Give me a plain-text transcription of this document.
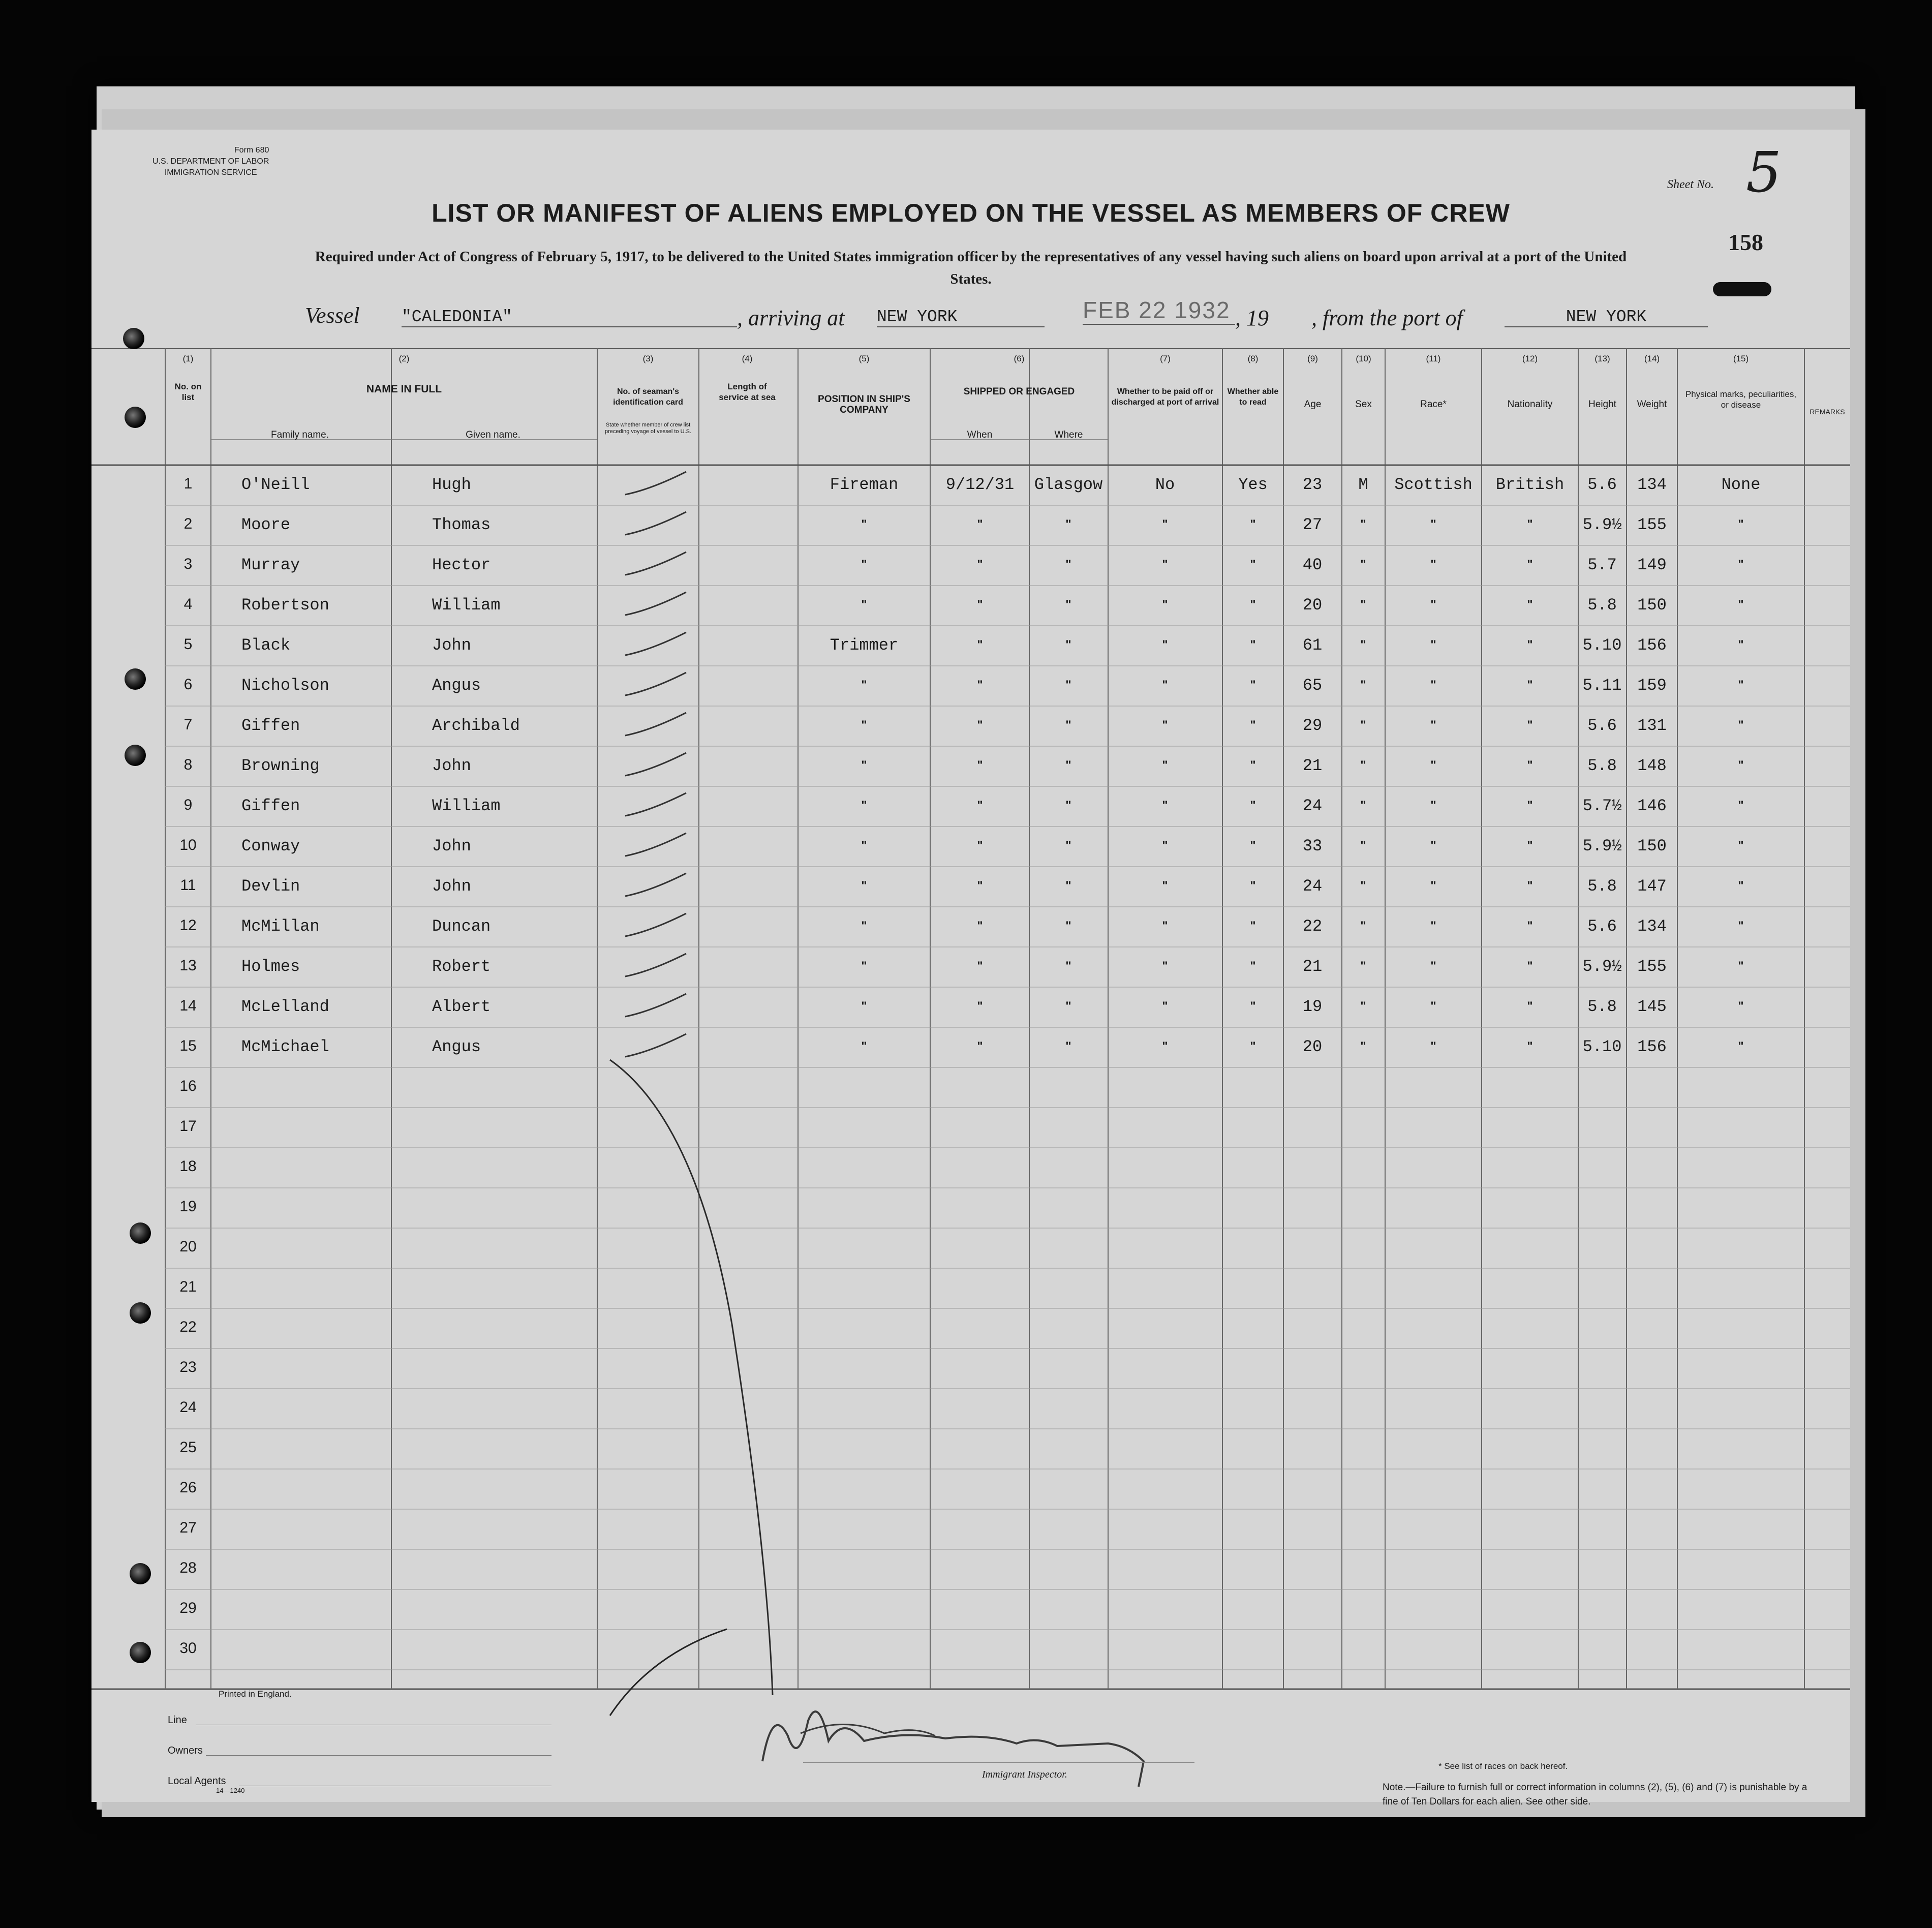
Form 680
U.S. DEPARTMENT OF LABOR
IMMIGRATION SERVICE
Sheet No. 5
158
LIST OR MANIFEST OF ALIENS EMPLOYED ON THE VESSEL AS MEMBERS OF CREW
Required under Act of Congress of February 5, 1917, to be delivered to the United States immigration officer by the representatives of any vessel having such aliens on board upon arrival at a port of the United States.
Vessel "CALEDONIA"	, arriving at NEW YORK	FEB 22 1932 , 19 , from the port of	NEW YORK
(1)
No. on list
(2)
NAME IN FULL
Family name.	Given name.
(3)
No. of seaman's identification card
State whether member of crew list preceding voyage of vessel to U.S.
(4)
Length of service at sea
(5)
POSITION IN SHIP'S COMPANY
(6)
SHIPPED OR ENGAGED
When	Where
(7)
Whether to be paid off or discharged at port of arrival
(8)
Whether able to read
(9)
Age
(10)
Sex
(11)
Race*
(12)
Nationality
(13)
Height
(14)
Weight
(15)
Physical marks, peculiarities, or disease
REMARKS
Printed in England.
Line
Owners
Local Agents
14—1240
Immigrant Inspector.
* See list of races on back hereof.
Note.—Failure to furnish full or correct information in columns (2), (5), (6) and (7) is punishable by a fine of Ten Dollars for each alien. See other side.
1	O'Neill	Hugh	Fireman	9/12/31	Glasgow	No	Yes	23	M	Scottish	British	5.6	134	None
2	Moore	Thomas	"	"	"	"	"	27	"	"	"	5.9½ 155	"
3	Murray	Hector	"	"	"	"	"	40	"	"	"	5.7	149	"
4	Robertson	William	"	"	"	"	"	20	"	"	"	5.8	150	"
5	Black	John	Trimmer	"	"	"	"	61	"	"	"	5.10 156	"
6	Nicholson	Angus	"	"	"	"	"	65	"	"	"	5.11 159	"
7	Giffen	Archibald	"	"	"	"	"	29	"	"	"	5.6	131	"
8	Browning	John	"	"	"	"	"	21	"	"	"	5.8	148	"
9	Giffen	William	"	"	"	"	"	24	"	"	"	5.7½ 146	"
10	Conway	John	"	"	"	"	"	33	"	"	"	5.9½ 150	"
11	Devlin	John	"	"	"	"	"	24	"	"	"	5.8	147	"
12	McMillan	Duncan	"	"	"	"	"	22	"	"	"	5.6	134	"
13	Holmes	Robert	"	"	"	"	"	21	"	"	"	5.9½ 155	"
14	McLelland	Albert	"	"	"	"	"	19	"	"	"	5.8	145	"
15	McMichael	Angus	"	"	"	"	"	20	"	"	"	5.10 156	"
16
17
18
19
20
21
22
23
24
25
26
27
28
29
30
